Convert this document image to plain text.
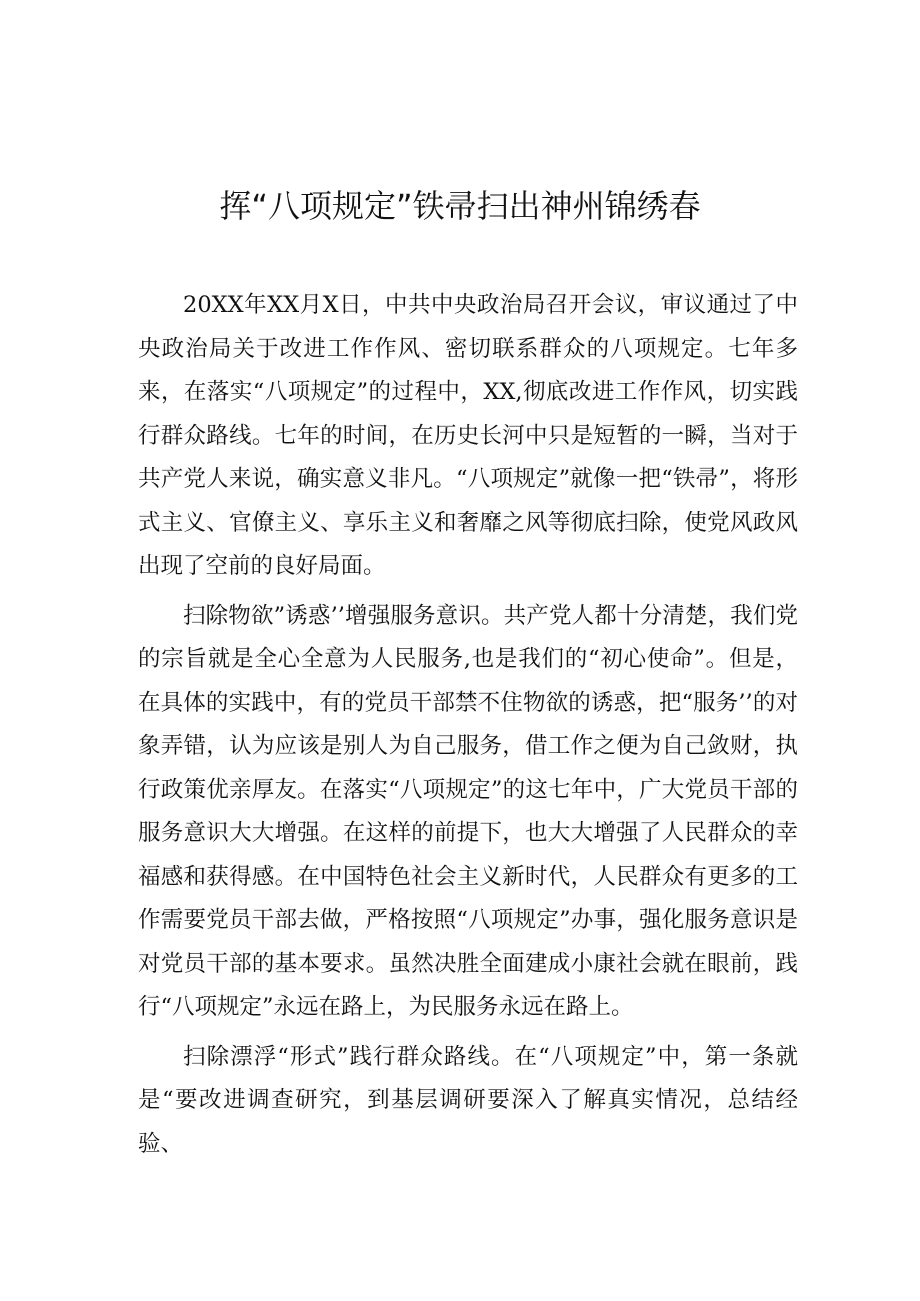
挥“八项规定”铁帚扫出神州锦绣春

20XX年XX月X日，中共中央政治局召开会议，审议通过了中央政治局关于改进工作作风、密切联系群众的八项规定。七年多来，在落实“八项规定”的过程中，XX,彻底改进工作作风，切实践行群众路线。七年的时间，在历史长河中只是短暂的一瞬，当对于共产党人来说，确实意义非凡。“八项规定”就像一把“铁帚”，将形式主义、官僚主义、享乐主义和奢靡之风等彻底扫除，使党风政风出现了空前的良好局面。

扫除物欲”诱惑’’增强服务意识。共产党人都十分清楚，我们党的宗旨就是全心全意为人民服务,也是我们的“初心使命”。但是，在具体的实践中，有的党员干部禁不住物欲的诱惑，把“服务’’的对象弄错，认为应该是别人为自己服务，借工作之便为自己敛财，执行政策优亲厚友。在落实“八项规定”的这七年中，广大党员干部的服务意识大大增强。在这样的前提下，也大大增强了人民群众的幸福感和获得感。在中国特色社会主义新时代，人民群众有更多的工作需要党员干部去做，严格按照“八项规定”办事，强化服务意识是对党员干部的基本要求。虽然决胜全面建成小康社会就在眼前，践行“八项规定”永远在路上，为民服务永远在路上。

扫除漂浮“形式”践行群众路线。在“八项规定”中，第一条就是“要改进调查研究，到基层调研要深入了解真实情况，总结经验、
